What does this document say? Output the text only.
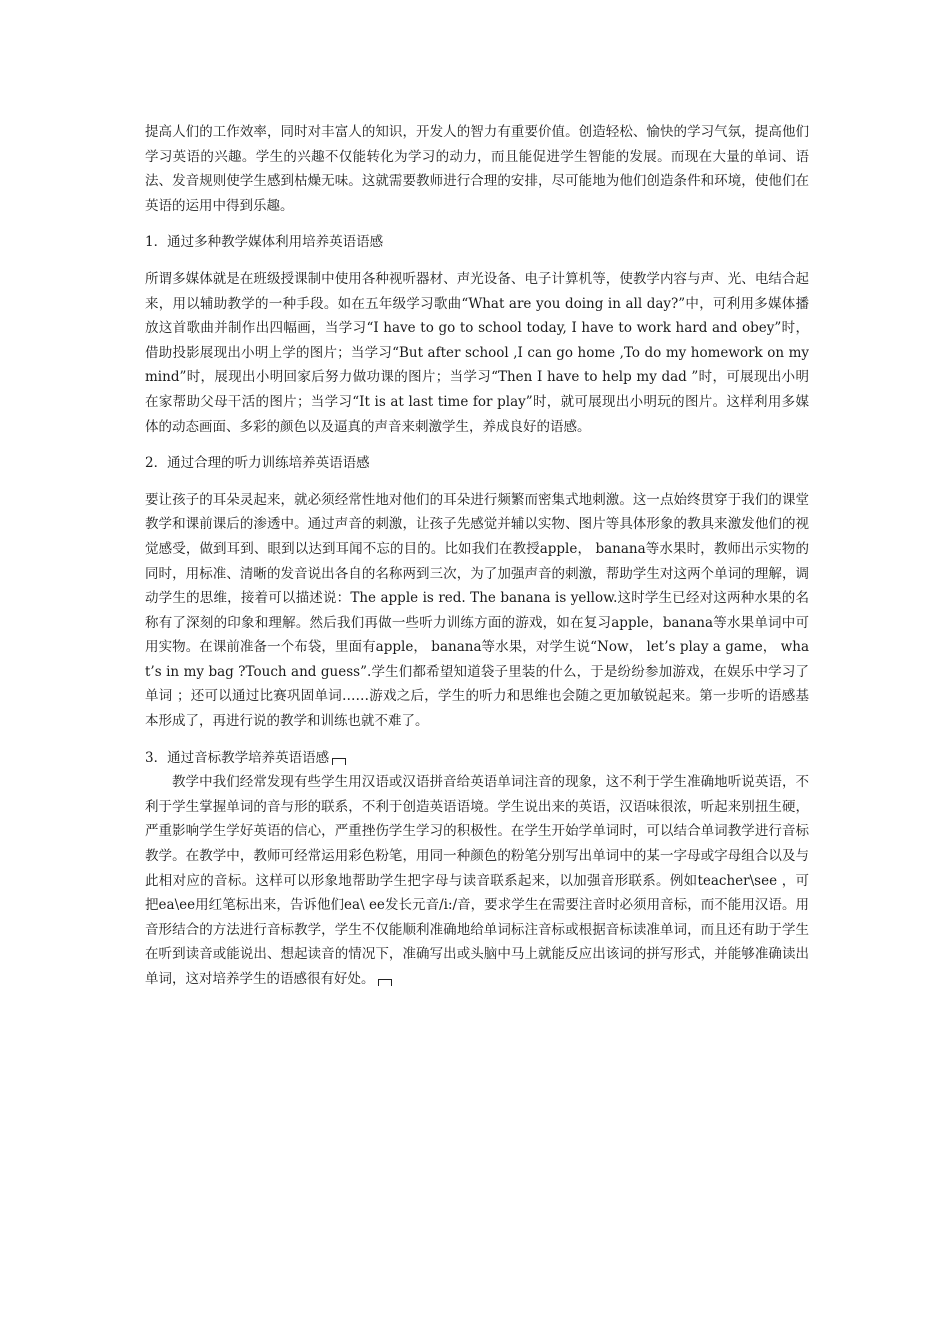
提高人们的工作效率，同时对丰富人的知识，开发人的智力有重要价值。创造轻松、愉快的学习气氛，提高他们学习英语的兴趣。学生的兴趣不仅能转化为学习的动力，而且能促进学生智能的发展。而现在大量的单词、语法、发音规则使学生感到枯燥无味。这就需要教师进行合理的安排，尽可能地为他们创造条件和环境，使他们在英语的运用中得到乐趣。

1．通过多种教学媒体利用培养英语语感

所谓多媒体就是在班级授课制中使用各种视听器材、声光设备、电子计算机等，使教学内容与声、光、电结合起来，用以辅助教学的一种手段。如在五年级学习歌曲“What are you doing in all day?”中，可利用多媒体播放这首歌曲并制作出四幅画，当学习“I have to go to school today, I have to work hard and obey”时，借助投影展现出小明上学的图片；当学习“But after school ,I can go home ,To do my homework on my mind”时，展现出小明回家后努力做功课的图片；当学习“Then I have to help my dad ”时，可展现出小明在家帮助父母干活的图片；当学习“It is at last time for play”时，就可展现出小明玩的图片。这样利用多媒体的动态画面、多彩的颜色以及逼真的声音来刺激学生，养成良好的语感。

2．通过合理的听力训练培养英语语感

要让孩子的耳朵灵起来，就必须经常性地对他们的耳朵进行频繁而密集式地刺激。这一点始终贯穿于我们的课堂教学和课前课后的渗透中。通过声音的刺激，让孩子先感觉并辅以实物、图片等具体形象的教具来激发他们的视觉感受，做到耳到、眼到以达到耳闻不忘的目的。比如我们在教授apple， banana等水果时，教师出示实物的同时，用标准、清晰的发音说出各自的名称两到三次，为了加强声音的刺激，帮助学生对这两个单词的理解，调动学生的思维，接着可以描述说：The apple is red. The banana is yellow.这时学生已经对这两种水果的名称有了深刻的印象和理解。然后我们再做一些听力训练方面的游戏，如在复习apple，banana等水果单词中可用实物。在课前准备一个布袋，里面有apple， banana等水果，对学生说“Now， let’s play a game， what’s in my bag ?Touch and guess”.学生们都希望知道袋子里装的什么，于是纷纷参加游戏，在娱乐中学习了单词 ；还可以通过比赛巩固单词……游戏之后，学生的听力和思维也会随之更加敏锐起来。第一步听的语感基本形成了，再进行说的教学和训练也就不难了。

3．通过音标教学培养英语语感

教学中我们经常发现有些学生用汉语或汉语拼音给英语单词注音的现象，这不利于学生准确地听说英语，不利于学生掌握单词的音与形的联系，不利于创造英语语境。学生说出来的英语，汉语味很浓，听起来别扭生硬，严重影响学生学好英语的信心，严重挫伤学生学习的积极性。在学生开始学单词时，可以结合单词教学进行音标教学。在教学中，教师可经常运用彩色粉笔，用同一种颜色的粉笔分别写出单词中的某一字母或字母组合以及与此相对应的音标。这样可以形象地帮助学生把字母与读音联系起来，以加强音形联系。例如teacher\see ，可把ea\ee用红笔标出来，告诉他们ea\ ee发长元音/i:/音，要求学生在需要注音时必须用音标，而不能用汉语。用音形结合的方法进行音标教学，学生不仅能顺利准确地给单词标注音标或根据音标读准单词，而且还有助于学生在听到读音或能说出、想起读音的情况下，准确写出或头脑中马上就能反应出该词的拼写形式，并能够准确读出单词，这对培养学生的语感很有好处。
